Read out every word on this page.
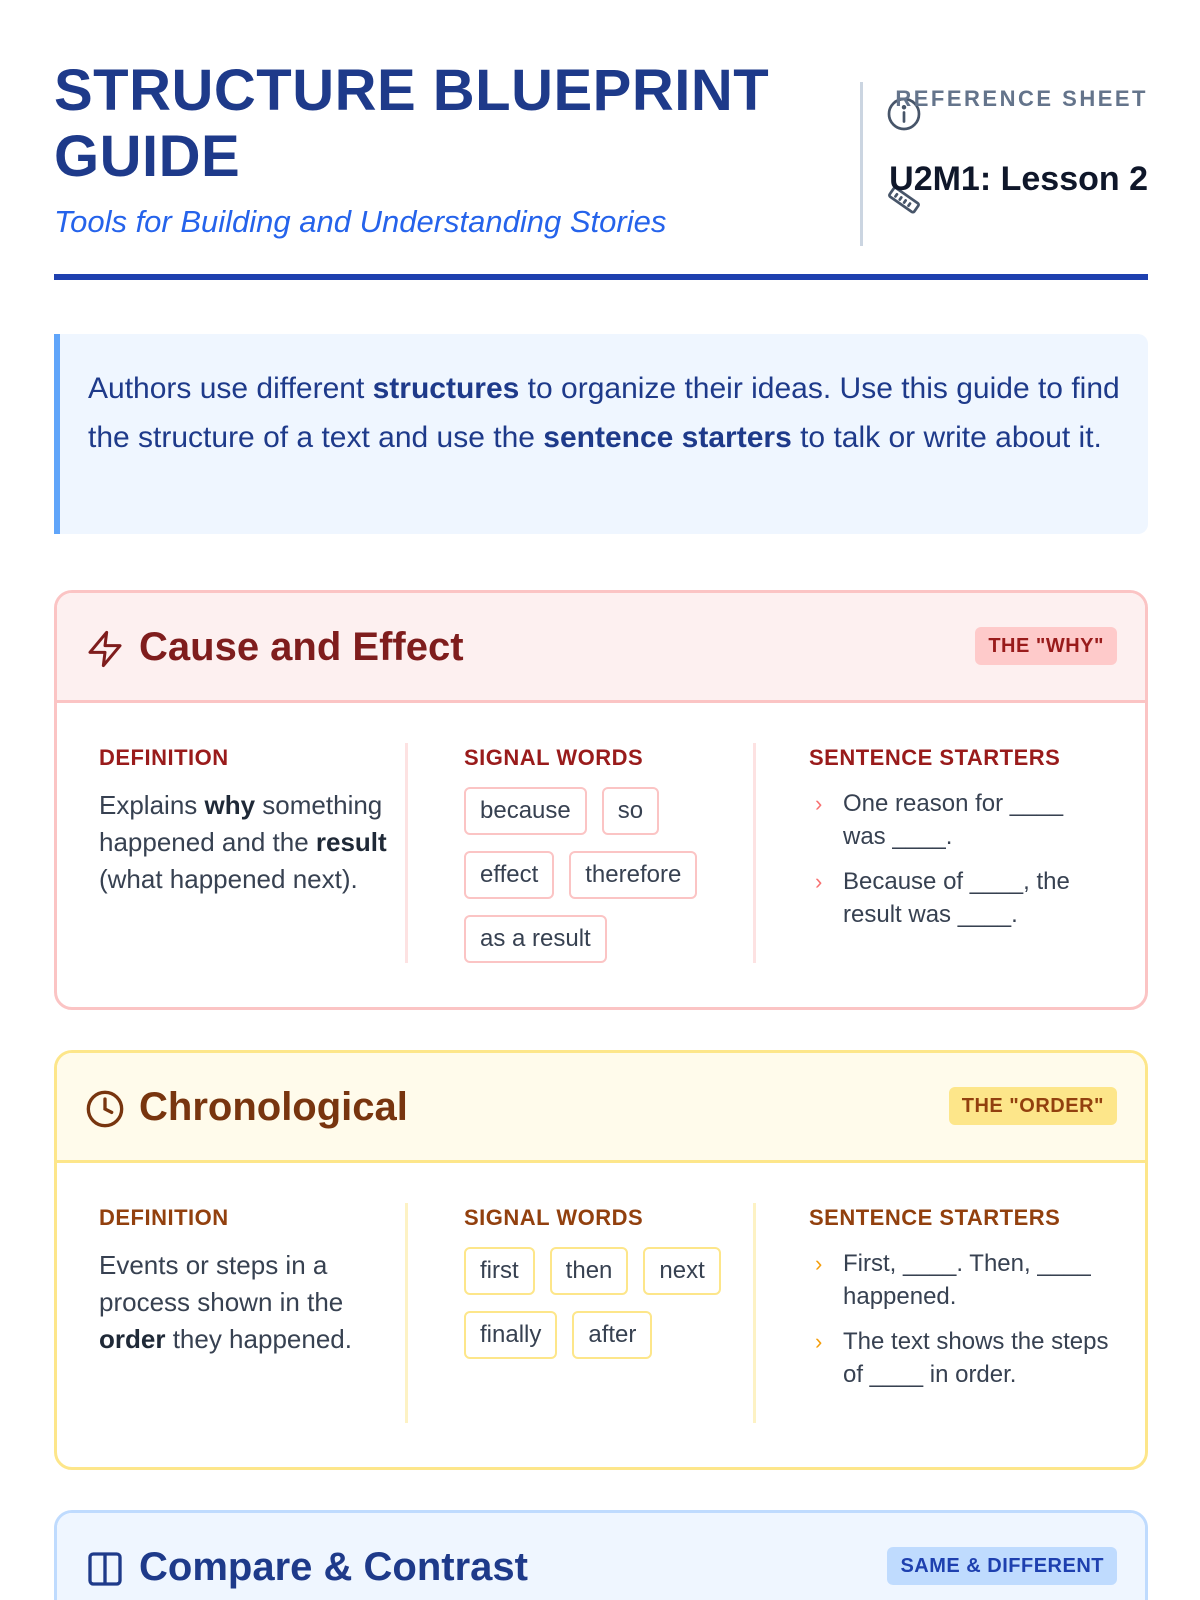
STRUCTURE BLUEPRINT GUIDE
Tools for Building and Understanding Stories
REFERENCE SHEET
U2M1: Lesson 2
Authors use different structures to organize their ideas. Use this guide to find the structure of a text and use the sentence starters to talk or write about it.
Cause and Effect	THE "WHY"
DEFINITION
Explains why something happened and the result (what happened next).
SIGNAL WORDS
because	so
effect	therefore
as a result
SENTENCE STARTERS
› One reason for ____ was ____.
› Because of ____, the result was ____.
Chronological	THE "ORDER"
DEFINITION
Events or steps in a process shown in the order they happened.
SIGNAL WORDS
first	then	next
finally	after
SENTENCE STARTERS
› First, ____. Then, ____ happened.
› The text shows the steps of ____ in order.
Compare & Contrast	SAME & DIFFERENT
